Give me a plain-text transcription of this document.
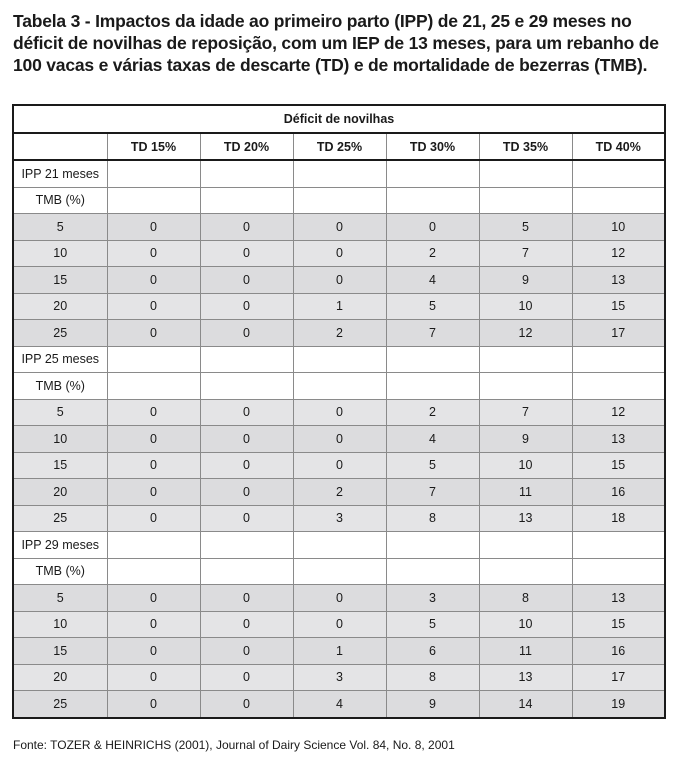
Tabela 3 - Impactos da idade ao primeiro parto (IPP) de 21, 25 e 29 meses no déficit de novilhas de reposição, com um IEP de 13 meses, para um rebanho de 100 vacas e várias taxas de descarte (TD) e de mortalidade de bezerras (TMB).
Déficit de novilhas						
	TD 15%	TD 20%	TD 25%	TD 30%	TD 35%	TD 40%
IPP 21 meses						
TMB (%)						
5	0	0	0	0	5	10
10	0	0	0	2	7	12
15	0	0	0	4	9	13
20	0	0	1	5	10	15
25	0	0	2	7	12	17
IPP 25 meses						
TMB (%)						
5	0	0	0	2	7	12
10	0	0	0	4	9	13
15	0	0	0	5	10	15
20	0	0	2	7	11	16
25	0	0	3	8	13	18
IPP 29 meses						
TMB (%)						
5	0	0	0	3	8	13
10	0	0	0	5	10	15
15	0	0	1	6	11	16
20	0	0	3	8	13	17
25	0	0	4	9	14	19
Fonte: TOZER & HEINRICHS (2001), Journal of Dairy Science Vol. 84, No. 8, 2001
